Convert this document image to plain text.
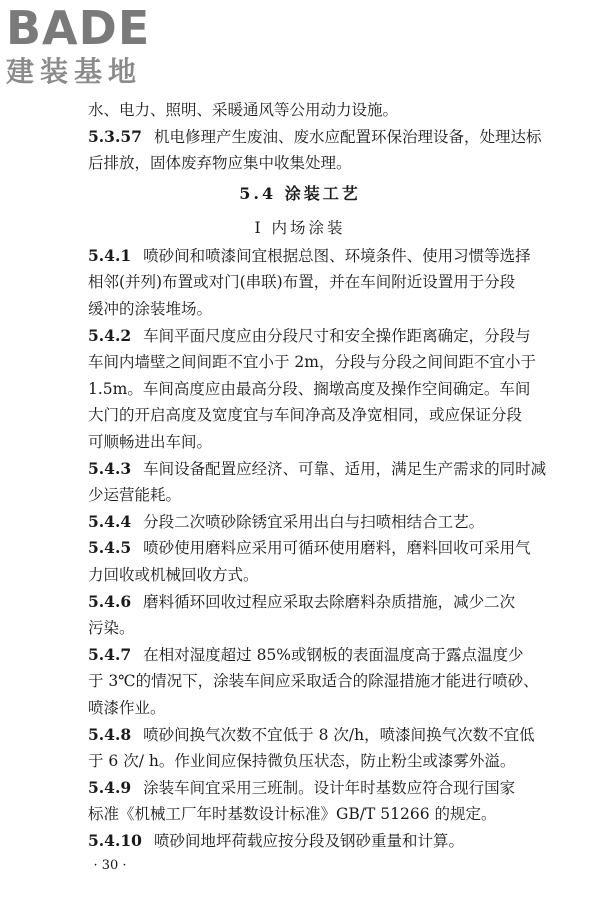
BADE
建装基地
水、电力、照明、采暖通风等公用动力设施。
5.3.57 机电修理产生废油、废水应配置环保治理设备，处理达标
后排放，固体废弃物应集中收集处理。
5.4 涂装工艺
Ⅰ 内场涂装
5.4.1 喷砂间和喷漆间宜根据总图、环境条件、使用习惯等选择
相邻(并列)布置或对门(串联)布置，并在车间附近设置用于分段
缓冲的涂装堆场。
5.4.2 车间平面尺度应由分段尺寸和安全操作距离确定，分段与
车间内墙壁之间间距不宜小于 2m，分段与分段之间间距不宜小于
1.5m。车间高度应由最高分段、搁墩高度及操作空间确定。车间
大门的开启高度及宽度宜与车间净高及净宽相同，或应保证分段
可顺畅进出车间。
5.4.3 车间设备配置应经济、可靠、适用，满足生产需求的同时减
少运营能耗。
5.4.4 分段二次喷砂除锈宜采用出白与扫喷相结合工艺。
5.4.5 喷砂使用磨料应采用可循环使用磨料，磨料回收可采用气
力回收或机械回收方式。
5.4.6 磨料循环回收过程应采取去除磨料杂质措施，减少二次
污染。
5.4.7 在相对湿度超过 85%或钢板的表面温度高于露点温度少
于 3℃的情况下，涂装车间应采取适合的除湿措施才能进行喷砂、
喷漆作业。
5.4.8 喷砂间换气次数不宜低于 8 次/h，喷漆间换气次数不宜低
于 6 次/ h。作业间应保持微负压状态，防止粉尘或漆雾外溢。
5.4.9 涂装车间宜采用三班制。设计年时基数应符合现行国家
标准《机械工厂年时基数设计标准》GB/T 51266 的规定。
5.4.10 喷砂间地坪荷载应按分段及钢砂重量和计算。
· 30 ·
